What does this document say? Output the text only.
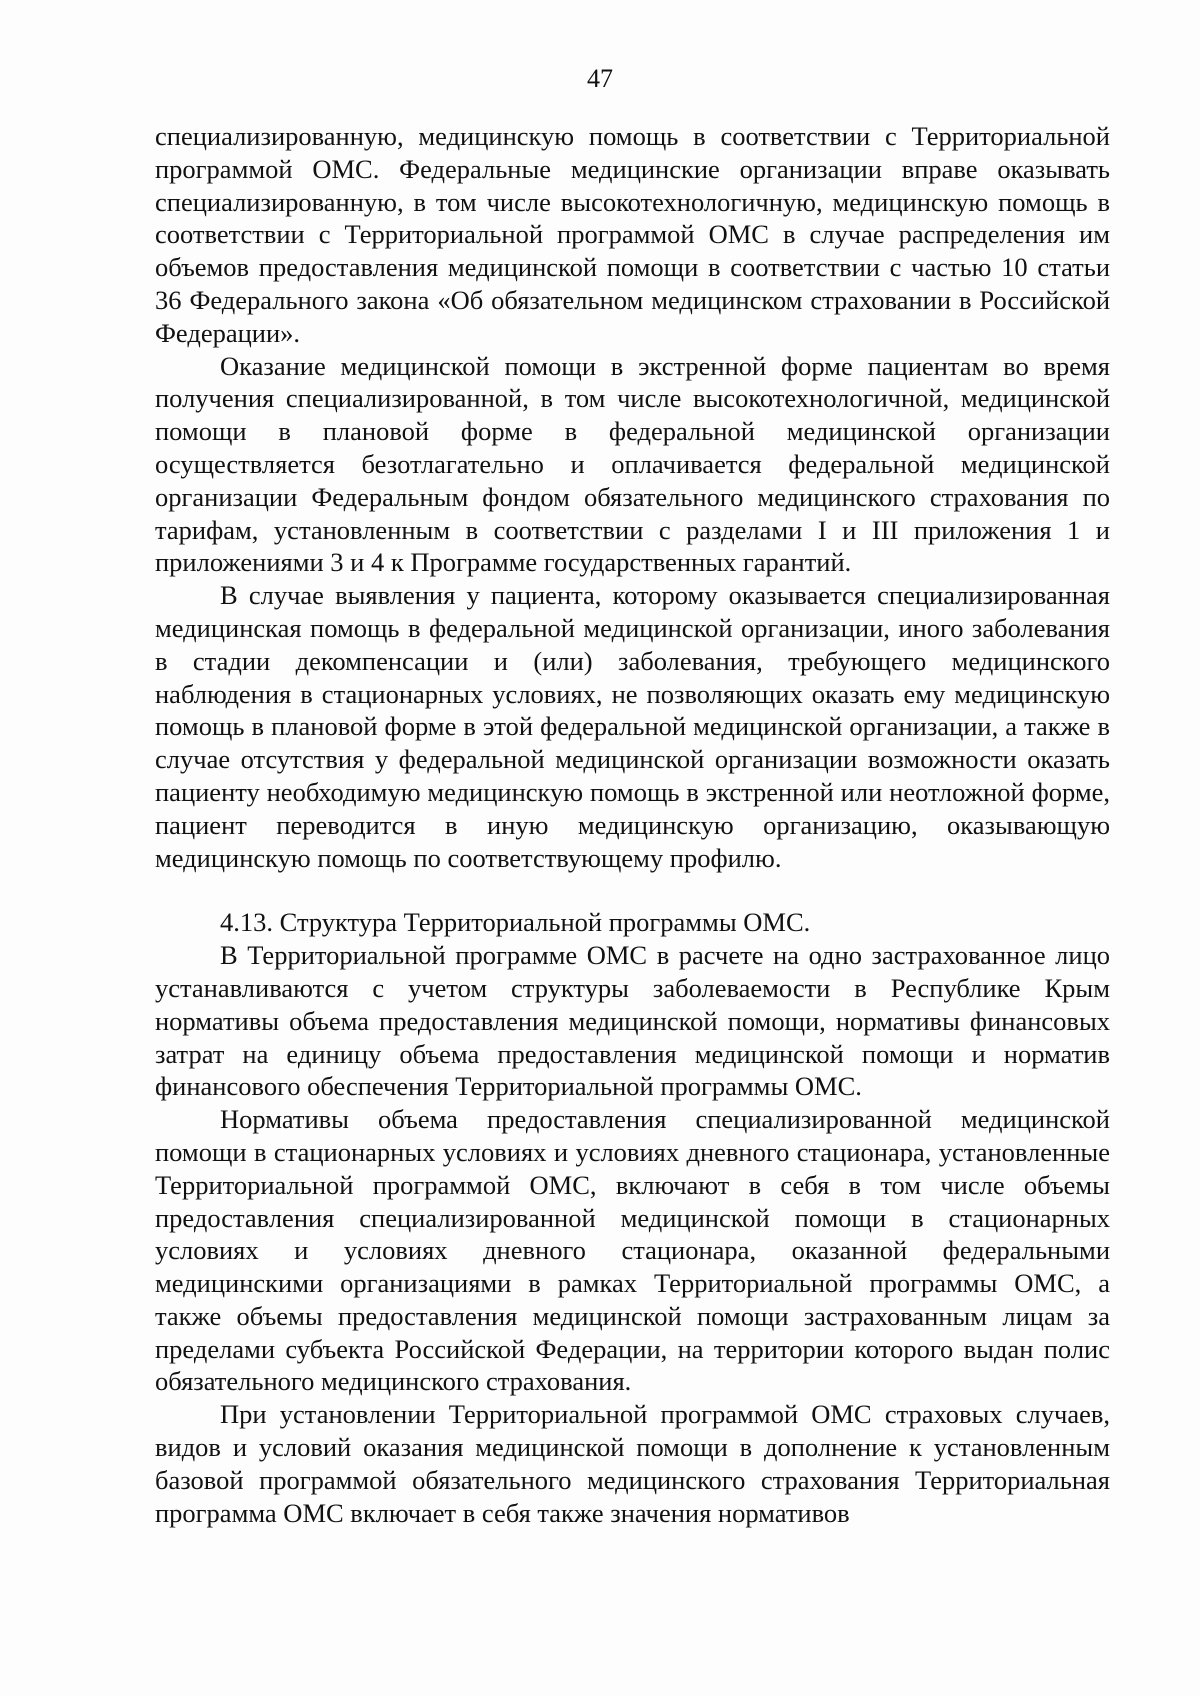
47

специализированную, медицинскую помощь в соответствии с Территориальной программой ОМС. Федеральные медицинские организации вправе оказывать специализированную, в том числе высокотехнологичную, медицинскую помощь в соответствии с Территориальной программой ОМС в случае распределения им объемов предоставления медицинской помощи в соответствии с частью 10 статьи 36 Федерального закона «Об обязательном медицинском страховании в Российской Федерации».

Оказание медицинской помощи в экстренной форме пациентам во время получения специализированной, в том числе высокотехнологичной, медицинской помощи в плановой форме в федеральной медицинской организации осуществляется безотлагательно и оплачивается федеральной медицинской организации Федеральным фондом обязательного медицинского страхования по тарифам, установленным в соответствии с разделами I и III приложения 1 и приложениями 3 и 4 к Программе государственных гарантий.

В случае выявления у пациента, которому оказывается специализированная медицинская помощь в федеральной медицинской организации, иного заболевания в стадии декомпенсации и (или) заболевания, требующего медицинского наблюдения в стационарных условиях, не позволяющих оказать ему медицинскую помощь в плановой форме в этой федеральной медицинской организации, а также в случае отсутствия у федеральной медицинской организации возможности оказать пациенту необходимую медицинскую помощь в экстренной или неотложной форме, пациент переводится в иную медицинскую организацию, оказывающую медицинскую помощь по соответствующему профилю.

4.13. Структура Территориальной программы ОМС.

В Территориальной программе ОМС в расчете на одно застрахованное лицо устанавливаются с учетом структуры заболеваемости в Республике Крым нормативы объема предоставления медицинской помощи, нормативы финансовых затрат на единицу объема предоставления медицинской помощи и норматив финансового обеспечения Территориальной программы ОМС.

Нормативы объема предоставления специализированной медицинской помощи в стационарных условиях и условиях дневного стационара, установленные Территориальной программой ОМС, включают в себя в том числе объемы предоставления специализированной медицинской помощи в стационарных условиях и условиях дневного стационара, оказанной федеральными медицинскими организациями в рамках Территориальной программы ОМС, а также объемы предоставления медицинской помощи застрахованным лицам за пределами субъекта Российской Федерации, на территории которого выдан полис обязательного медицинского страхования.

При установлении Территориальной программой ОМС страховых случаев, видов и условий оказания медицинской помощи в дополнение к установленным базовой программой обязательного медицинского страхования Территориальная программа ОМС включает в себя также значения нормативов
